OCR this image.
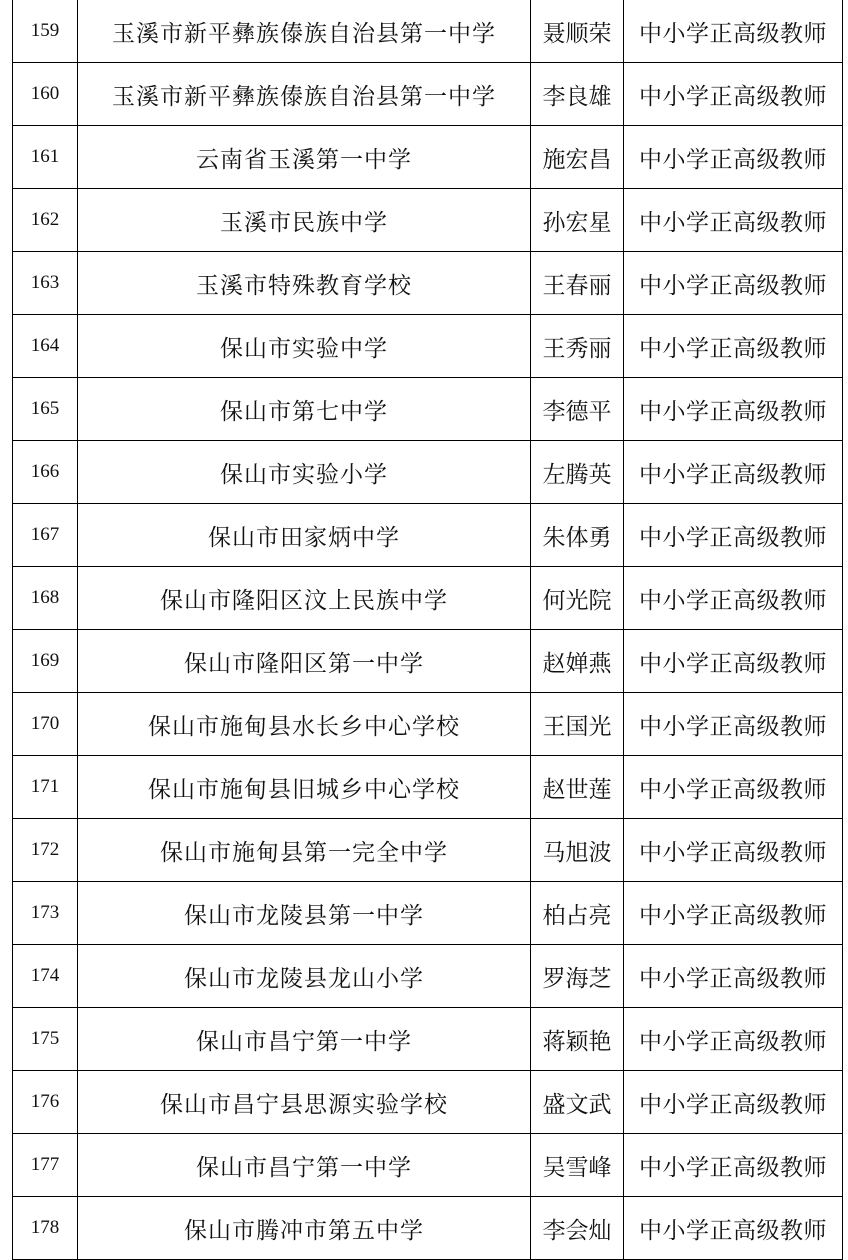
159	玉溪市新平彝族傣族自治县第一中学	聂顺荣	中小学正高级教师
160	玉溪市新平彝族傣族自治县第一中学	李良雄	中小学正高级教师
161	云南省玉溪第一中学	施宏昌	中小学正高级教师
162	玉溪市民族中学	孙宏星	中小学正高级教师
163	玉溪市特殊教育学校	王春丽	中小学正高级教师
164	保山市实验中学	王秀丽	中小学正高级教师
165	保山市第七中学	李德平	中小学正高级教师
166	保山市实验小学	左腾英	中小学正高级教师
167	保山市田家炳中学	朱体勇	中小学正高级教师
168	保山市隆阳区汶上民族中学	何光院	中小学正高级教师
169	保山市隆阳区第一中学	赵婵燕	中小学正高级教师
170	保山市施甸县水长乡中心学校	王国光	中小学正高级教师
171	保山市施甸县旧城乡中心学校	赵世莲	中小学正高级教师
172	保山市施甸县第一完全中学	马旭波	中小学正高级教师
173	保山市龙陵县第一中学	柏占亮	中小学正高级教师
174	保山市龙陵县龙山小学	罗海芝	中小学正高级教师
175	保山市昌宁第一中学	蒋颖艳	中小学正高级教师
176	保山市昌宁县思源实验学校	盛文武	中小学正高级教师
177	保山市昌宁第一中学	吴雪峰	中小学正高级教师
178	保山市腾冲市第五中学	李会灿	中小学正高级教师
